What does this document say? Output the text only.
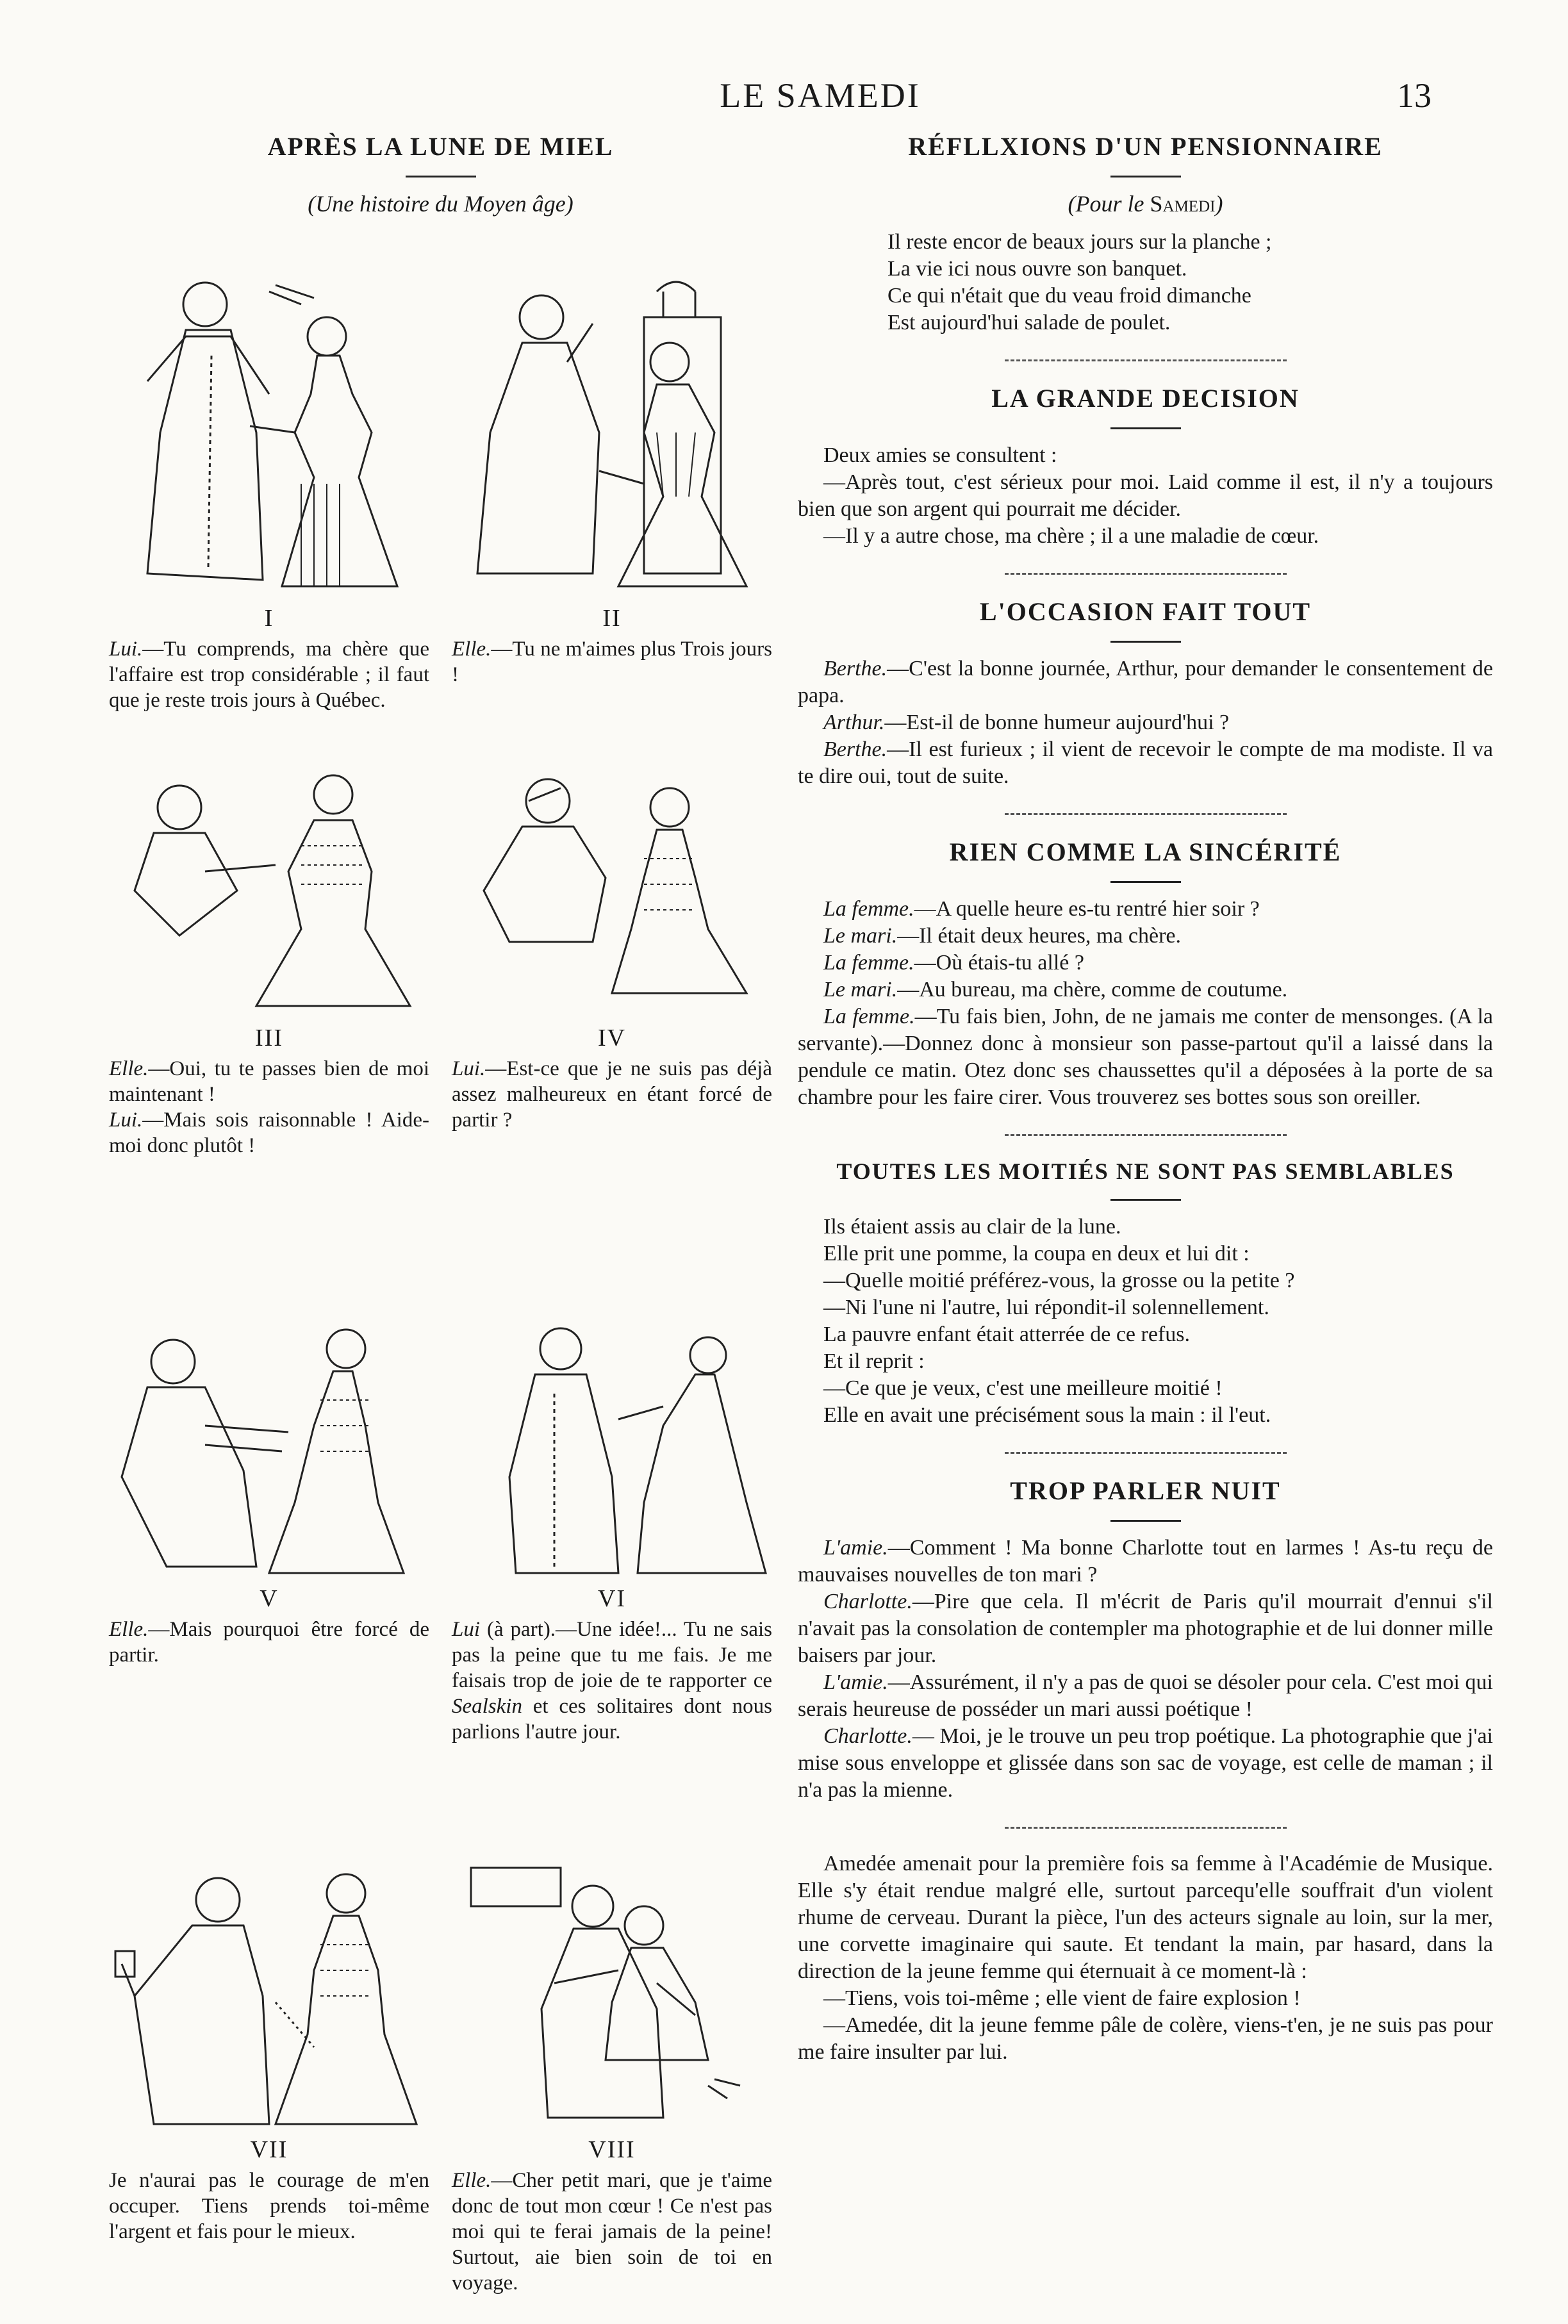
LE SAMEDI	13
APRÈS LA LUNE DE MIEL

(Une histoire du Moyen âge)

I
Lui.—Tu comprends, ma chère que l'affaire est trop considérable ; il faut que je reste trois jours à Québec.
II
Elle.—Tu ne m'aimes plus Trois jours !
III
Elle.—Oui, tu te passes bien de moi maintenant !
Lui.—Mais sois raisonnable ! Aide-moi donc plutôt !
IV
Lui.—Est-ce que je ne suis pas déjà assez malheureux en étant forcé de partir ?
V
Elle.—Mais pourquoi être forcé de partir.
VI
Lui (à part).—Une idée!... Tu ne sais pas la peine que tu me fais. Je me faisais trop de joie de te rapporter ce Sealskin et ces solitaires dont nous parlions l'autre jour.
VII
Je n'aurai pas le courage de m'en occuper. Tiens prends toi-même l'argent et fais pour le mieux.
VIII
Elle.—Cher petit mari, que je t'aime donc de tout mon cœur ! Ce n'est pas moi qui te ferai jamais de la peine! Surtout, aie bien soin de toi en voyage.
RÉFLLXIONS D'UN PENSIONNAIRE

(Pour le Samedi)

Il reste encor de beaux jours sur la planche ;
La vie ici nous ouvre son banquet.
Ce qui n'était que du veau froid dimanche
Est aujourd'hui salade de poulet.
LA GRANDE DECISION

Deux amies se consultent :

—Après tout, c'est sérieux pour moi. Laid comme il est, il n'y a toujours bien que son argent qui pourrait me décider.

—Il y a autre chose, ma chère ; il a une maladie de cœur.

L'OCCASION FAIT TOUT

Berthe.—C'est la bonne journée, Arthur, pour demander le consentement de papa.

Arthur.—Est-il de bonne humeur aujourd'hui ?

Berthe.—Il est furieux ; il vient de recevoir le compte de ma modiste. Il va te dire oui, tout de suite.

RIEN COMME LA SINCÉRITÉ

La femme.—A quelle heure es-tu rentré hier soir ?

Le mari.—Il était deux heures, ma chère.

La femme.—Où étais-tu allé ?

Le mari.—Au bureau, ma chère, comme de coutume.

La femme.—Tu fais bien, John, de ne jamais me conter de mensonges. (A la servante).—Donnez donc à monsieur son passe-partout qu'il a laissé dans la pendule ce matin. Otez donc ses chaussettes qu'il a déposées à la porte de sa chambre pour les faire cirer. Vous trouverez ses bottes sous son oreiller.

TOUTES LES MOITIÉS NE SONT PAS SEMBLABLES
Ils étaient assis au clair de la lune.
Elle prit une pomme, la coupa en deux et lui dit :
—Quelle moitié préférez-vous, la grosse ou la petite ?
—Ni l'une ni l'autre, lui répondit-il solennellement.
La pauvre enfant était atterrée de ce refus.
Et il reprit :
—Ce que je veux, c'est une meilleure moitié !
Elle en avait une précisément sous la main : il l'eut.
TROP PARLER NUIT

L'amie.—Comment ! Ma bonne Charlotte tout en larmes ! As-tu reçu de mauvaises nouvelles de ton mari ?

Charlotte.—Pire que cela. Il m'écrit de Paris qu'il mourrait d'ennui s'il n'avait pas la consolation de contempler ma photographie et de lui donner mille baisers par jour.

L'amie.—Assurément, il n'y a pas de quoi se désoler pour cela. C'est moi qui serais heureuse de posséder un mari aussi poétique !

Charlotte.— Moi, je le trouve un peu trop poétique. La photographie que j'ai mise sous enveloppe et glissée dans son sac de voyage, est celle de maman ; il n'a pas la mienne.

Amedée amenait pour la première fois sa femme à l'Académie de Musique. Elle s'y était rendue malgré elle, surtout parcequ'elle souffrait d'un violent rhume de cerveau. Durant la pièce, l'un des acteurs signale au loin, sur la mer, une corvette imaginaire qui saute. Et tendant la main, par hasard, dans la direction de la jeune femme qui éternuait à ce moment-là :

—Tiens, vois toi-même ; elle vient de faire explosion !

—Amedée, dit la jeune femme pâle de colère, viens-t'en, je ne suis pas pour me faire insulter par lui.
